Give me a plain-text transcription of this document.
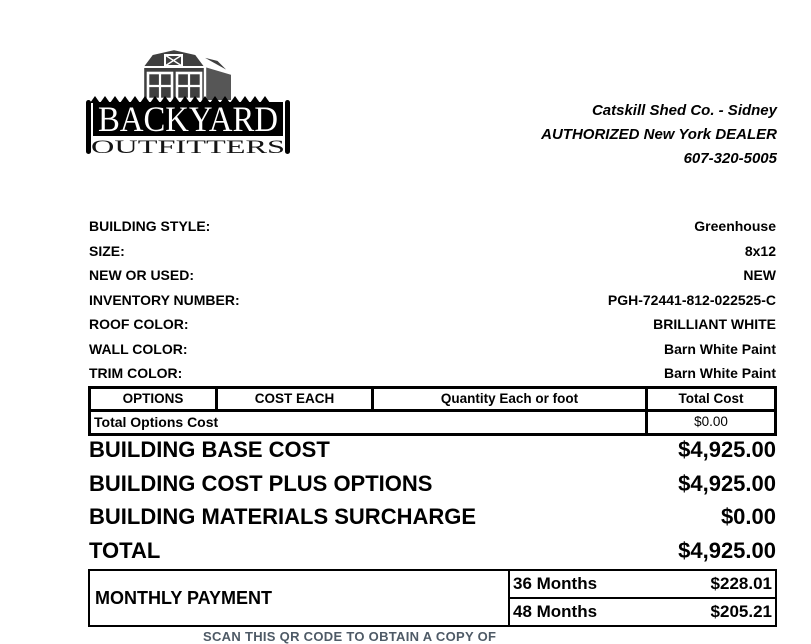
BACKYARD
OUTFITTERS
Catskill Shed Co. - Sidney
AUTHORIZED New York DEALER
607-320-5005
BUILDING STYLE:	Greenhouse
SIZE:	8x12
NEW OR USED:	NEW
INVENTORY NUMBER:	PGH-72441-812-022525-C
ROOF COLOR:	BRILLIANT WHITE
WALL COLOR:	Barn White Paint
TRIM COLOR:	Barn White Paint
OPTIONS	COST EACH	Quantity Each or foot	Total Cost
Total Options Cost	$0.00
BUILDING BASE COST	$4,925.00
BUILDING COST PLUS OPTIONS	$4,925.00
BUILDING MATERIALS SURCHARGE	$0.00
TOTAL	$4,925.00
MONTHLY PAYMENT
36 Months	$228.01
48 Months	$205.21
SCAN THIS QR CODE TO OBTAIN A COPY OF
